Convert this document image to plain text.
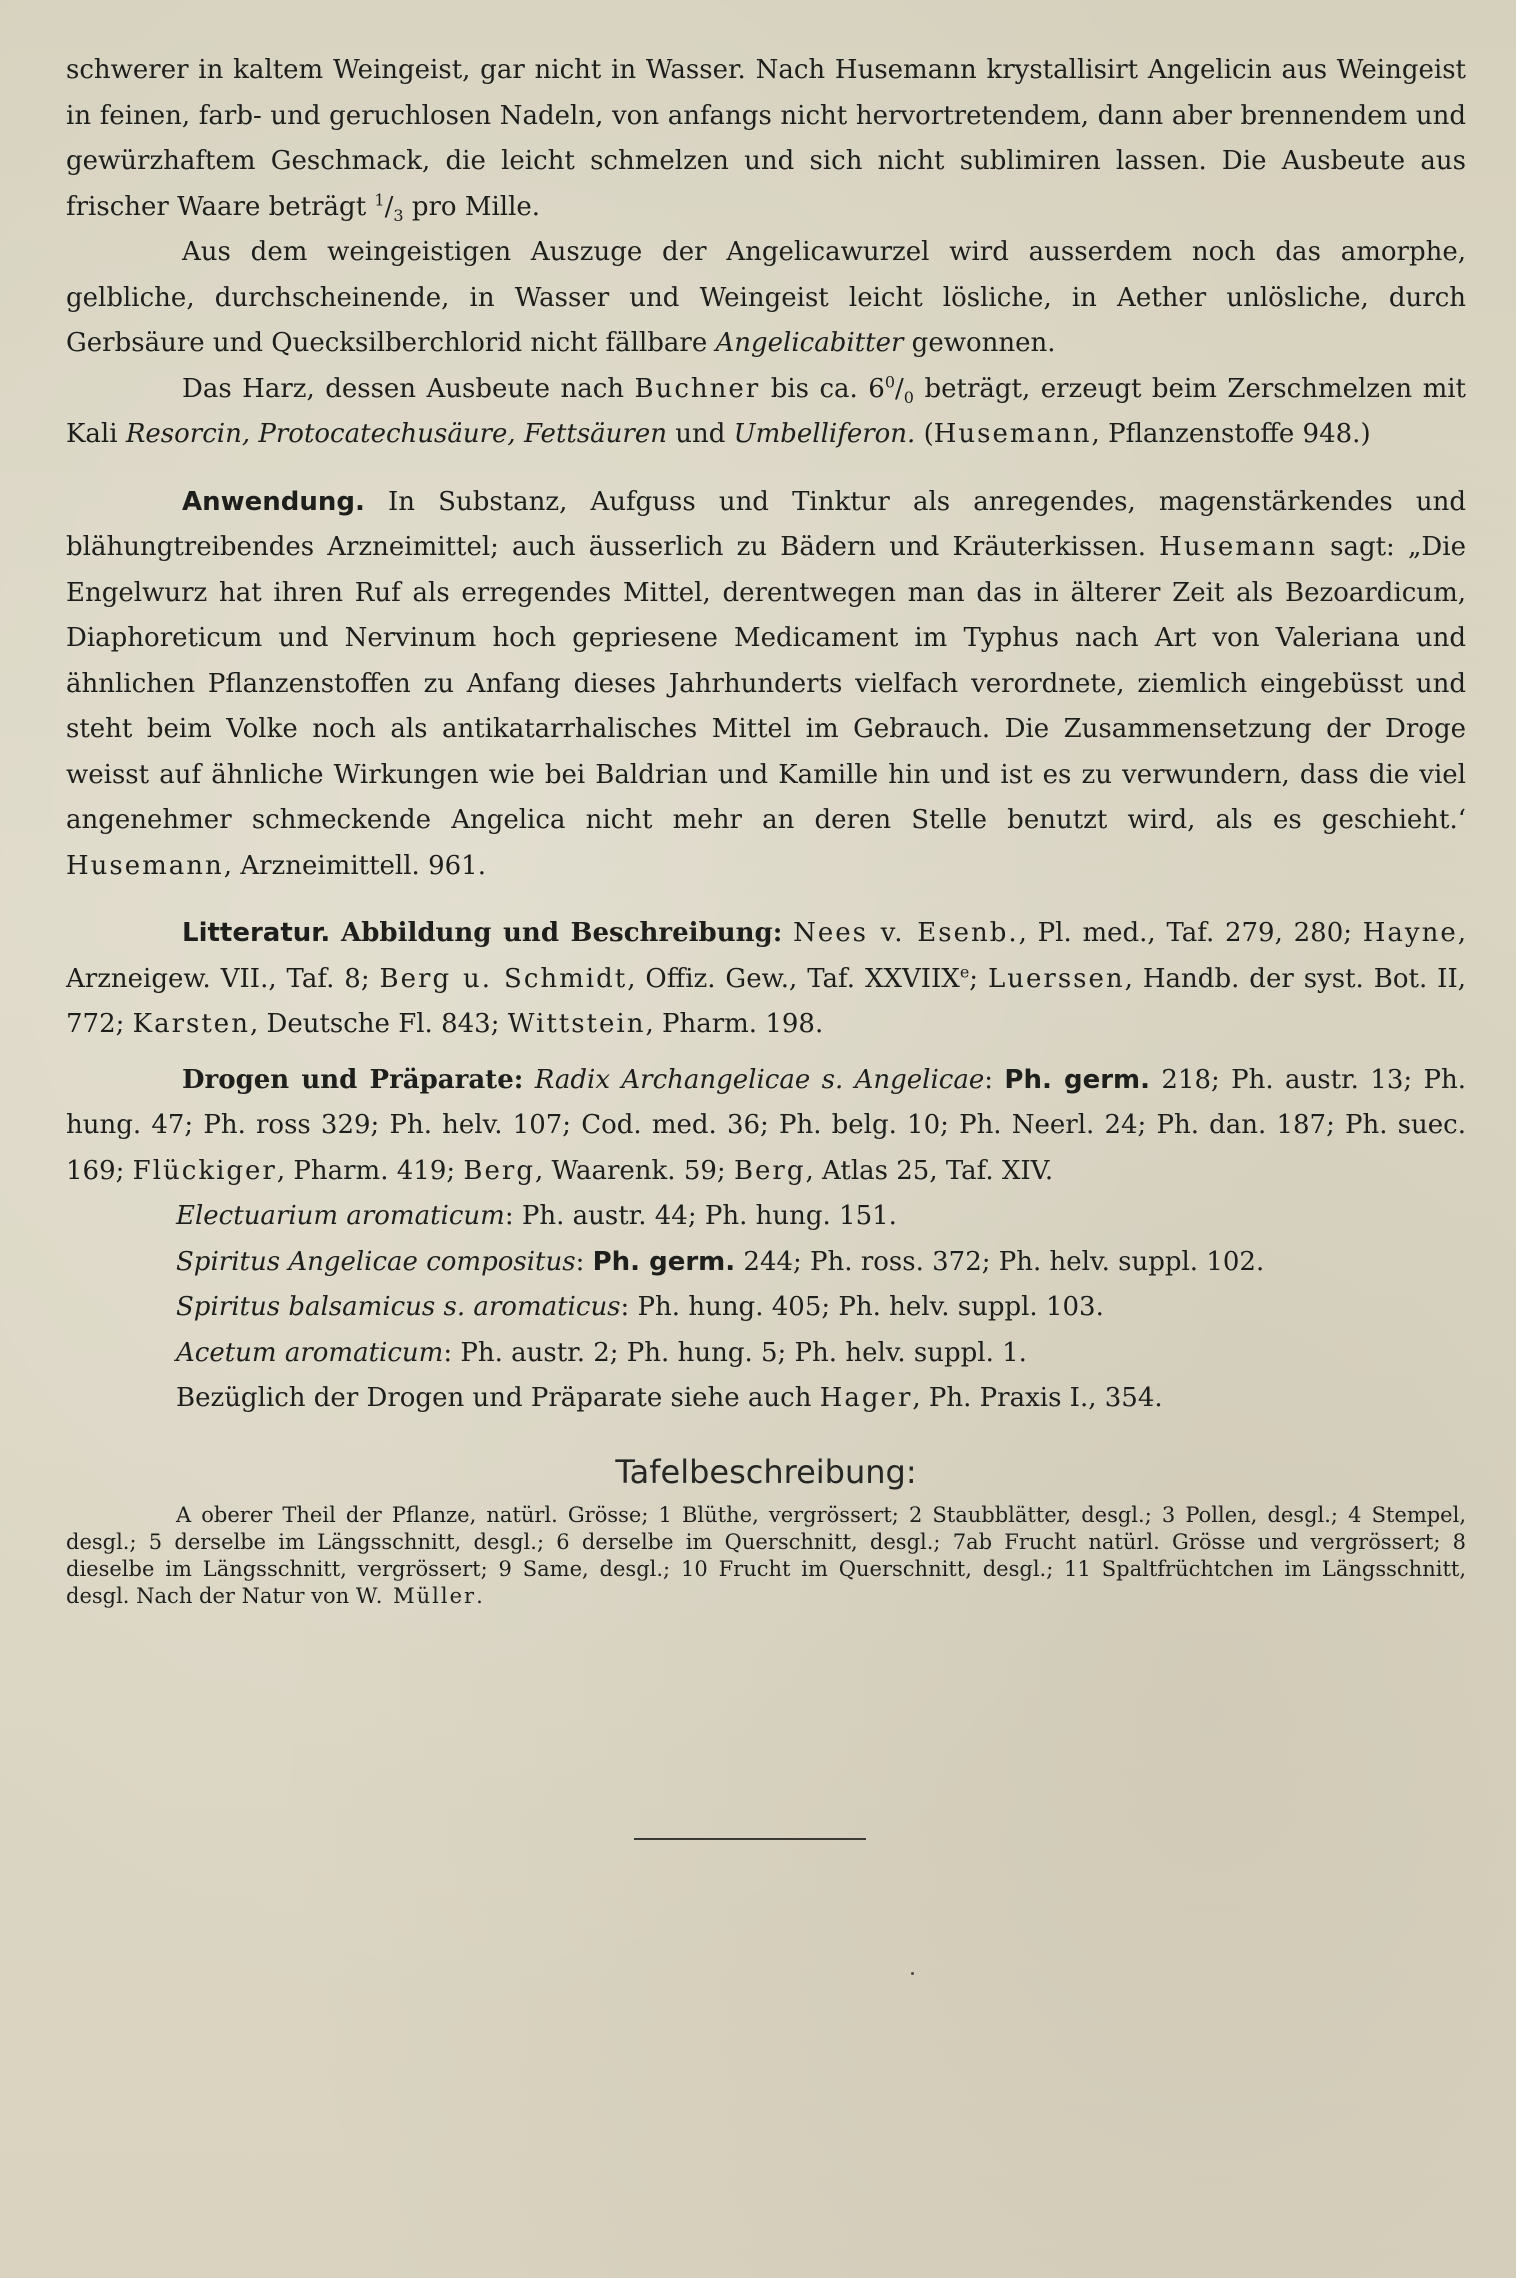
schwerer in kaltem Weingeist, gar nicht in Wasser. Nach Husemann krystallisirt Angelicin aus Weingeist in feinen, farb- und geruchlosen Nadeln, von anfangs nicht hervortretendem, dann aber brennendem und gewürzhaftem Geschmack, die leicht schmelzen und sich nicht sublimiren lassen. Die Ausbeute aus frischer Waare beträgt $^1/_3$ pro Mille.

Aus dem weingeistigen Auszuge der Angelicawurzel wird ausserdem noch das amorphe, gelbliche, durchscheinende, in Wasser und Weingeist leicht lösliche, in Aether unlösliche, durch Gerbsäure und Quecksilberchlorid nicht fällbare Angelicabitter gewonnen.

Das Harz, dessen Ausbeute nach Buchner bis ca. $6^0/_0$ beträgt, erzeugt beim Zerschmelzen mit Kali Resorcin, Protocatechusäure, Fettsäuren und Umbelliferon. (Husemann, Pflanzenstoffe 948.)

Anwendung. In Substanz, Aufguss und Tinktur als anregendes, magenstärkendes und blähungtreibendes Arzneimittel; auch äusserlich zu Bädern und Kräuterkissen. Husemann sagt: „Die Engelwurz hat ihren Ruf als erregendes Mittel, derentwegen man das in älterer Zeit als Bezoardicum, Diaphoreticum und Nervinum hoch gepriesene Medicament im Typhus nach Art von Valeriana und ähnlichen Pflanzenstoffen zu Anfang dieses Jahrhunderts vielfach verordnete, ziemlich eingebüsst und steht beim Volke noch als antikatarrhalisches Mittel im Gebrauch. Die Zusammensetzung der Droge weisst auf ähnliche Wirkungen wie bei Baldrian und Kamille hin und ist es zu verwundern, dass die viel angenehmer schmeckende Angelica nicht mehr an deren Stelle benutzt wird, als es geschieht.‘ Husemann, Arzneimittell. 961.

Litteratur. Abbildung und Beschreibung: Nees v. Esenb., Pl. med., Taf. 279, 280; Hayne, Arzneigew. VII., Taf. 8; Berg u. Schmidt, Offiz. Gew., Taf. XXVIIXe; Luerssen, Handb. der syst. Bot. II, 772; Karsten, Deutsche Fl. 843; Wittstein, Pharm. 198.

Drogen und Präparate: Radix Archangelicae s. Angelicae: Ph. germ. 218; Ph. austr. 13; Ph. hung. 47; Ph. ross 329; Ph. helv. 107; Cod. med. 36; Ph. belg. 10; Ph. Neerl. 24; Ph. dan. 187; Ph. suec. 169; Flückiger, Pharm. 419; Berg, Waarenk. 59; Berg, Atlas 25, Taf. XIV.

Electuarium aromaticum: Ph. austr. 44; Ph. hung. 151.

Spiritus Angelicae compositus: Ph. germ. 244; Ph. ross. 372; Ph. helv. suppl. 102.

Spiritus balsamicus s. aromaticus: Ph. hung. 405; Ph. helv. suppl. 103.

Acetum aromaticum: Ph. austr. 2; Ph. hung. 5; Ph. helv. suppl. 1.

Bezüglich der Drogen und Präparate siehe auch Hager, Ph. Praxis I., 354.

Tafelbeschreibung:

A oberer Theil der Pflanze, natürl. Grösse; 1 Blüthe, vergrössert; 2 Staubblätter, desgl.; 3 Pollen, desgl.; 4 Stempel, desgl.; 5 derselbe im Längsschnitt, desgl.; 6 derselbe im Querschnitt, desgl.; 7ab Frucht natürl. Grösse und vergrössert; 8 dieselbe im Längsschnitt, vergrössert; 9 Same, desgl.; 10 Frucht im Querschnitt, desgl.; 11 Spaltfrüchtchen im Längsschnitt, desgl. Nach der Natur von W. Müller.
